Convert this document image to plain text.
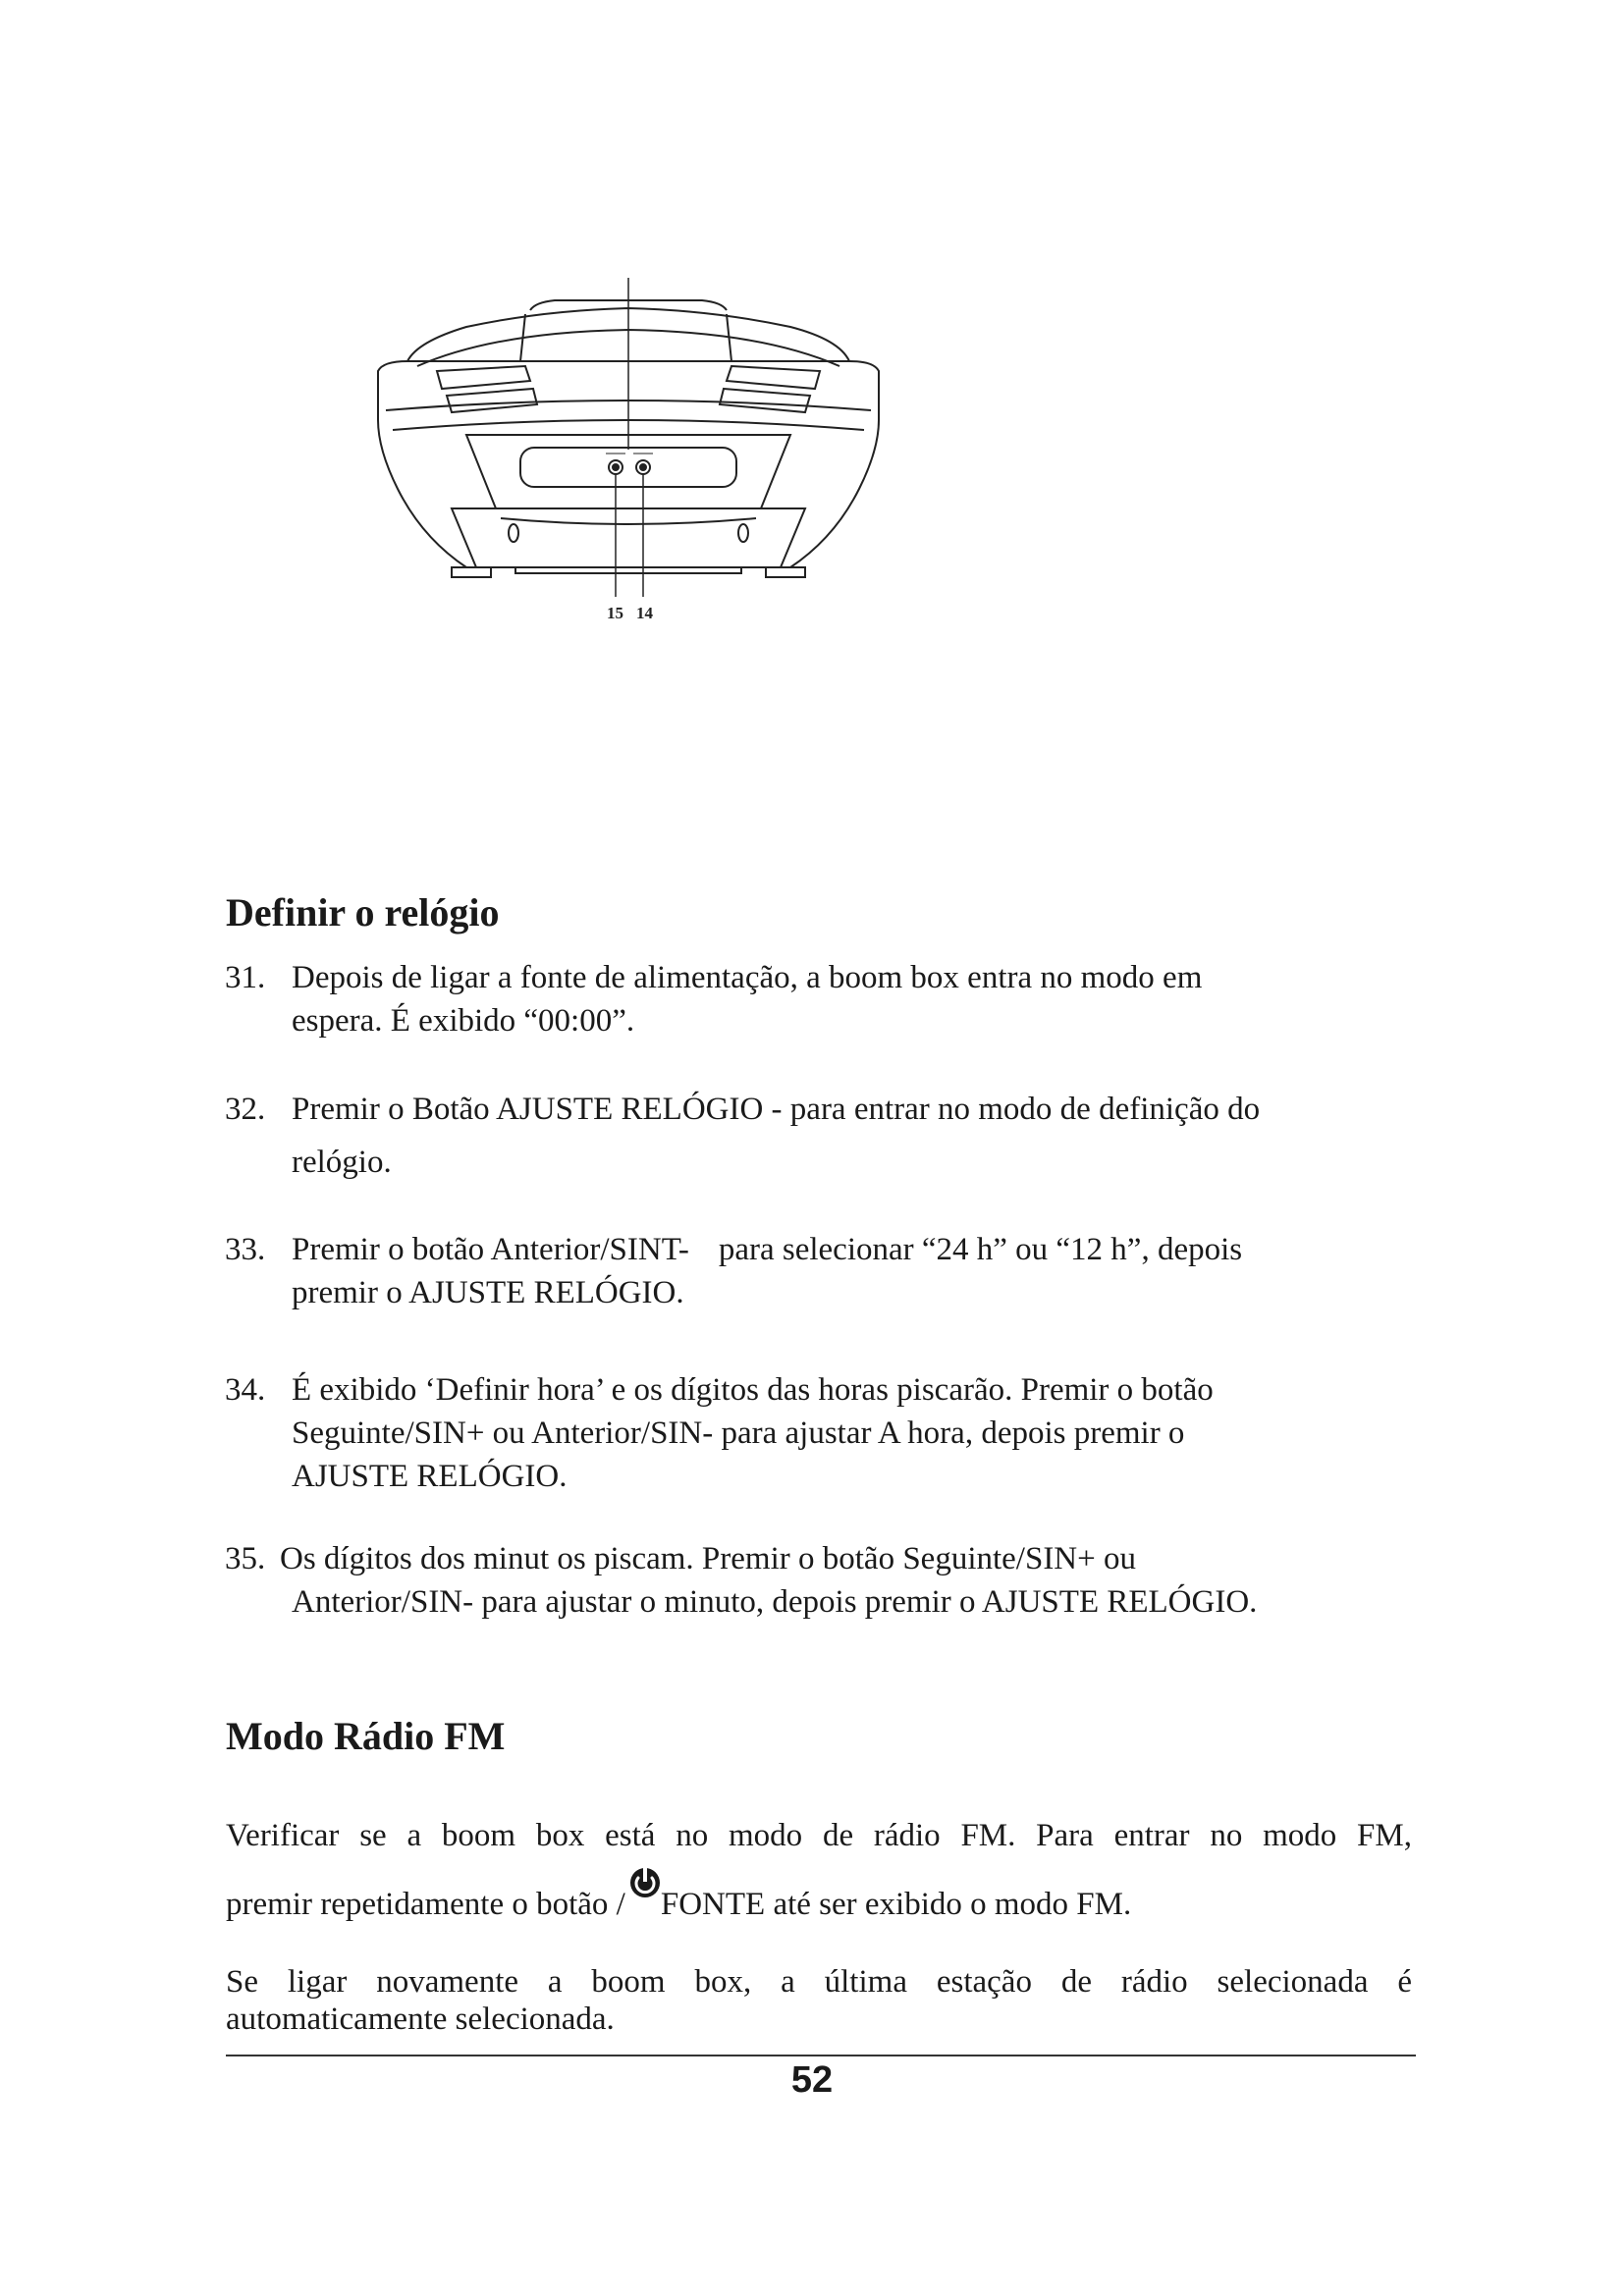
15 14
Definir o relógio
31. Depois de ligar a fonte de alimentação, a boom box entra no modo em
espera. É exibido “00:00”.
32. Premir o Botão AJUSTE RELÓGIO - para entrar no modo de definição do
relógio.
33. Premir o botão Anterior/SINT- para selecionar “24 h” ou “12 h”, depois
premir o AJUSTE RELÓGIO.
34. É exibido ‘Definir hora’ e os dígitos das horas piscarão. Premir o botão
Seguinte/SIN+ ou Anterior/SIN- para ajustar A hora, depois premir o
AJUSTE RELÓGIO.
35. Os dígitos dos minut os piscam. Premir o botão Seguinte/SIN+ ou
Anterior/SIN- para ajustar o minuto, depois premir o AJUSTE RELÓGIO.
Modo Rádio FM
Verificar se a boom box está no modo de rádio FM. Para entrar no modo FM,
premir repetidamente o botão / FONTE até ser exibido o modo FM.
Se ligar novamente a boom box, a última estação de rádio selecionada é
automaticamente selecionada.
52
